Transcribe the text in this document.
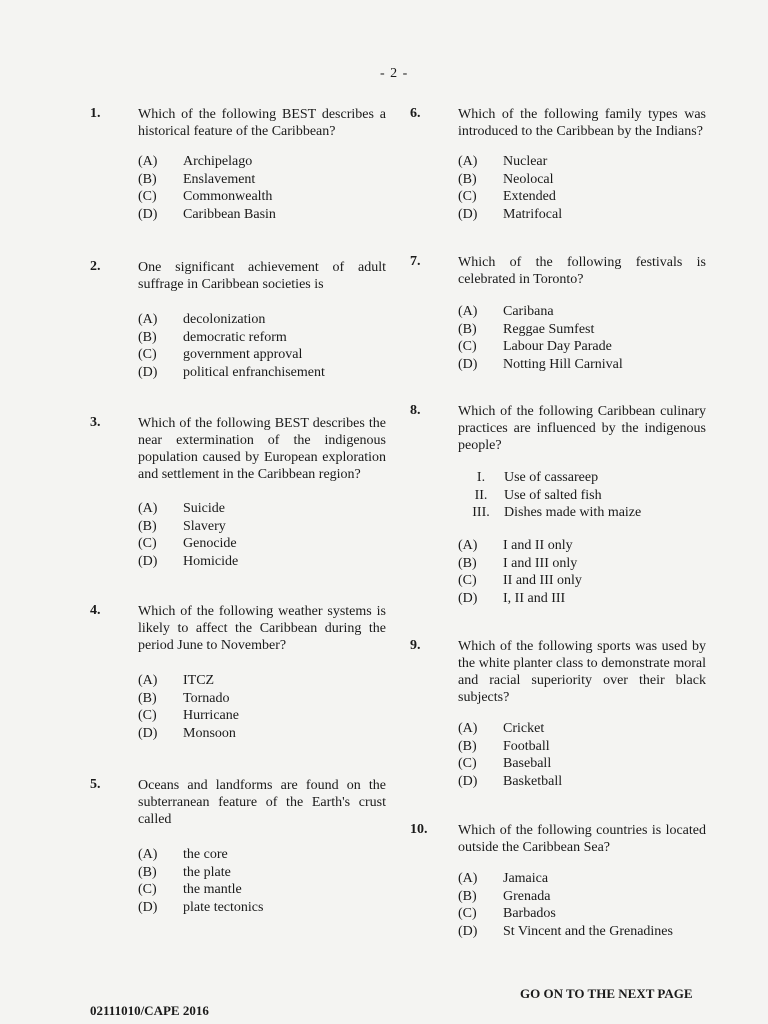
- 2 -
1.	Which of the following BEST describes a historical feature of the Caribbean?
(A) Archipelago
(B) Enslavement
(C) Commonwealth
(D) Caribbean Basin
2.	One significant achievement of adult suffrage in Caribbean societies is
(A) decolonization
(B) democratic reform
(C) government approval
(D) political enfranchisement
3.	Which of the following BEST describes the near extermination of the indigenous population caused by European exploration and settlement in the Caribbean region?
(A) Suicide
(B) Slavery
(C) Genocide
(D) Homicide
4.	Which of the following weather systems is likely to affect the Caribbean during the period June to November?
(A) ITCZ
(B) Tornado
(C) Hurricane
(D) Monsoon
5.	Oceans and landforms are found on the subterranean feature of the Earth's crust called
(A) the core
(B) the plate
(C) the mantle
(D) plate tectonics
6.	Which of the following family types was introduced to the Caribbean by the Indians?
(A) Nuclear
(B) Neolocal
(C) Extended
(D) Matrifocal
7.	Which of the following festivals is celebrated in Toronto?
(A) Caribana
(B) Reggae Sumfest
(C) Labour Day Parade
(D) Notting Hill Carnival
8.	Which of the following Caribbean culinary practices are influenced by the indigenous people?
I. Use of cassareep
II. Use of salted fish
III. Dishes made with maize
(A) I and II only
(B) I and III only
(C) II and III only
(D) I, II and III
9.	Which of the following sports was used by the white planter class to demonstrate moral and racial superiority over their black subjects?
(A) Cricket
(B) Football
(C) Baseball
(D) Basketball
10. Which of the following countries is located outside the Caribbean Sea?
(A) Jamaica
(B) Grenada
(C) Barbados
(D) St Vincent and the Grenadines
GO ON TO THE NEXT PAGE
02111010/CAPE 2016
